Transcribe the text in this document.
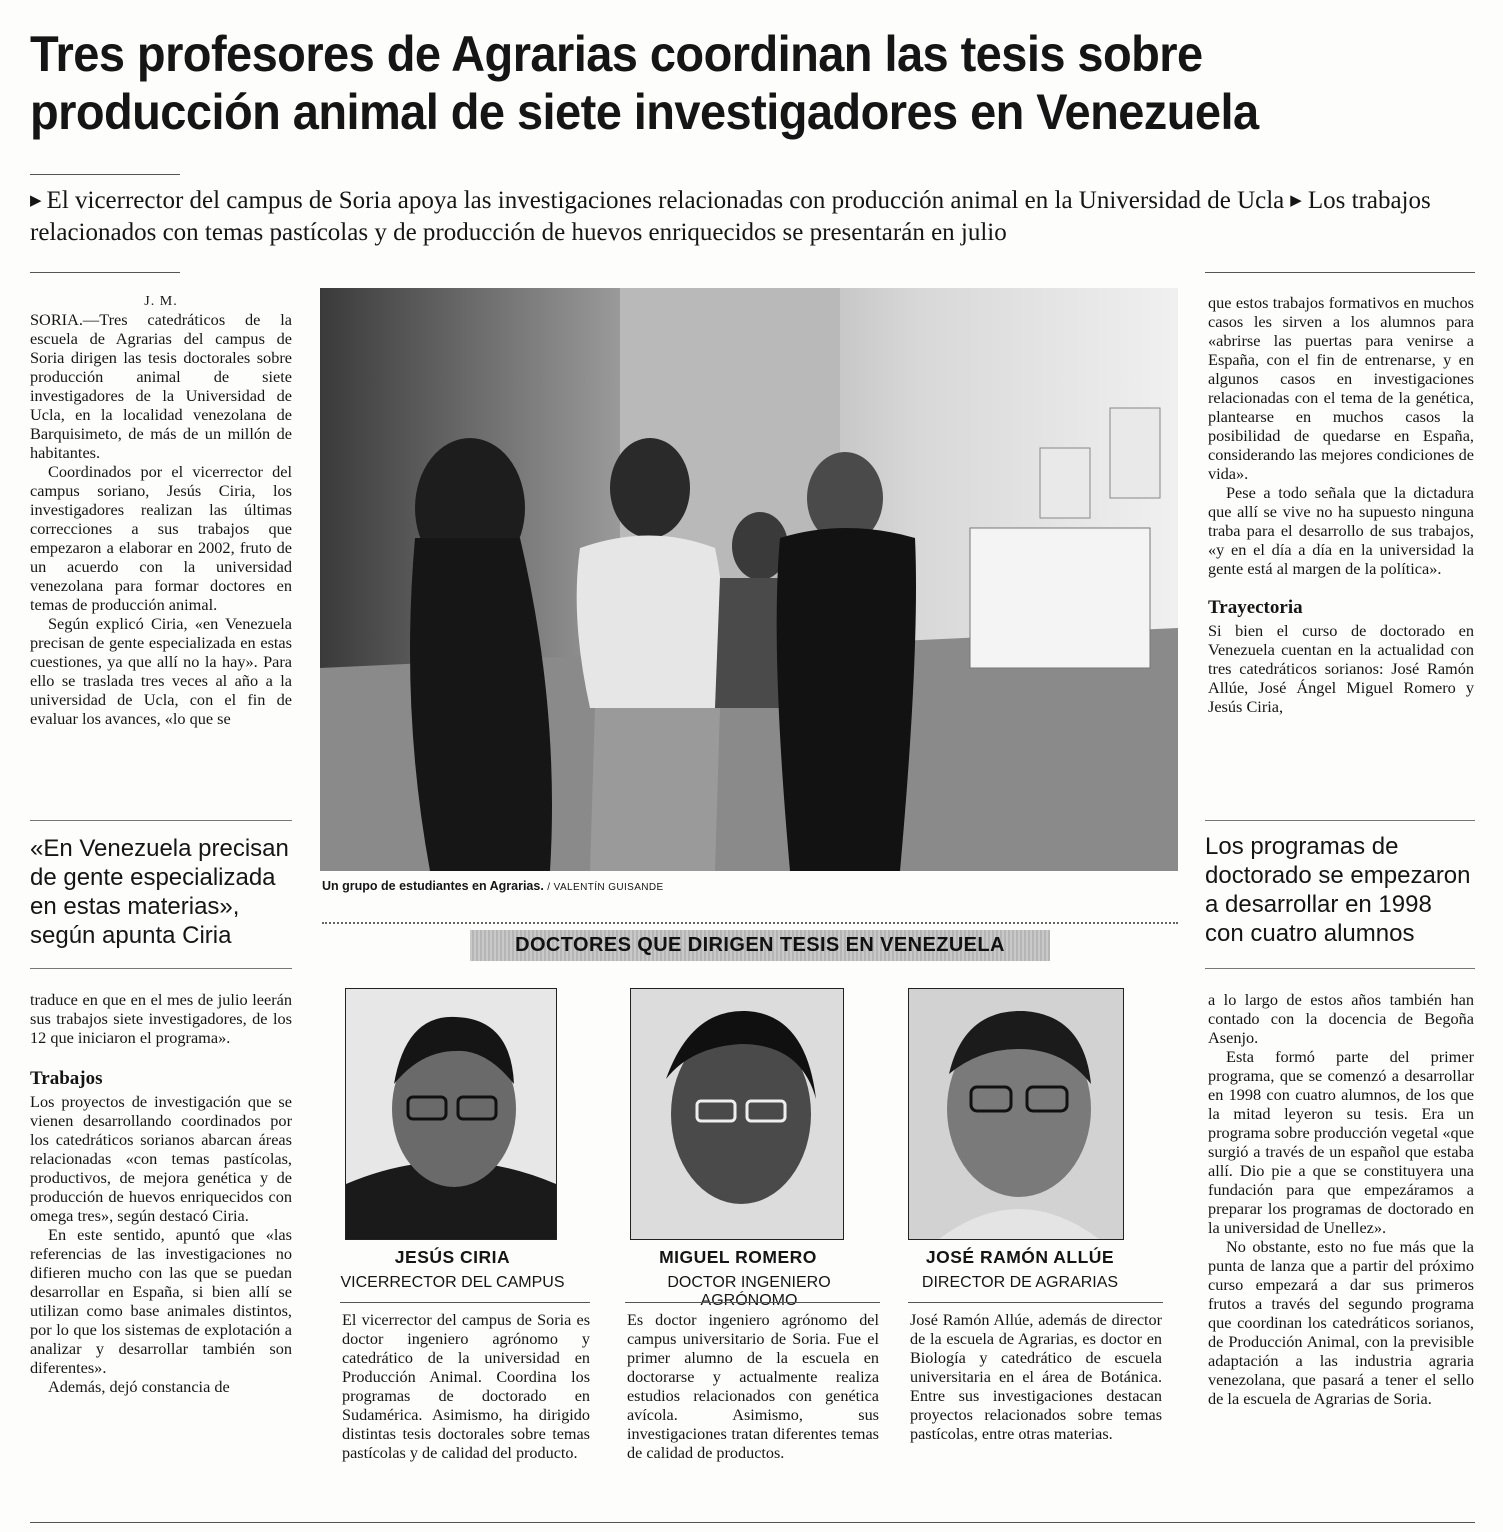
Tres profesores de Agrarias coordinan las tesis sobre producción animal de siete investigadores en Venezuela

▶ El vicerrector del campus de Soria apoya las investigaciones relacionadas con producción animal en la Universidad de Ucla ▶ Los trabajos relacionados con temas pastícolas y de producción de huevos enriquecidos se presentarán en julio

J. M.

SORIA.—Tres catedráticos de la escuela de Agrarias del campus de Soria dirigen las tesis doctorales sobre producción animal de siete investigadores de la Universidad de Ucla, en la localidad venezolana de Barquisimeto, de más de un millón de habitantes.

Coordinados por el vicerrector del campus soriano, Jesús Ciria, los investigadores realizan las últimas correcciones a sus trabajos que empezaron a elaborar en 2002, fruto de un acuerdo con la universidad venezolana para formar doctores en temas de producción animal.

Según explicó Ciria, «en Venezuela precisan de gente especializada en estas cuestiones, ya que allí no la hay». Para ello se traslada tres veces al año a la universidad de Ucla, con el fin de evaluar los avances, «lo que se

«En Venezuela precisan de gente especializada en estas materias», según apunta Ciria

traduce en que en el mes de julio leerán sus trabajos siete investigadores, de los 12 que iniciaron el programa».

Trabajos

Los proyectos de investigación que se vienen desarrollando coordinados por los catedráticos sorianos abarcan áreas relacionadas «con temas pastícolas, productivos, de mejora genética y de producción de huevos enriquecidos con omega tres», según destacó Ciria.

En este sentido, apuntó que «las referencias de las investigaciones no difieren mucho con las que se puedan desarrollar en España, si bien allí se utilizan como base animales distintos, por lo que los sistemas de explotación a analizar y desarrollar también son diferentes».

Además, dejó constancia de

Un grupo de estudiantes en Agrarias. / VALENTÍN GUISANDE
DOCTORES QUE DIRIGEN TESIS EN VENEZUELA
JESÚS CIRIA
VICERRECTOR DEL CAMPUS
MIGUEL ROMERO
DOCTOR INGENIERO AGRÓNOMO
JOSÉ RAMÓN ALLÚE
DIRECTOR DE AGRARIAS

El vicerrector del campus de Soria es doctor ingeniero agrónomo y catedrático de la universidad en Producción Animal. Coordina los programas de doctorado en Sudamérica. Asimismo, ha dirigido distintas tesis doctorales sobre temas pastícolas y de calidad del producto.

Es doctor ingeniero agrónomo del campus universitario de Soria. Fue el primer alumno de la escuela en doctorarse y actualmente realiza estudios relacionados con genética avícola. Asimismo, sus investigaciones tratan diferentes temas de calidad de productos.

José Ramón Allúe, además de director de la escuela de Agrarias, es doctor en Biología y catedrático de escuela universitaria en el área de Botánica. Entre sus investigaciones destacan proyectos relacionados sobre temas pastícolas, entre otras materias.

que estos trabajos formativos en muchos casos les sirven a los alumnos para «abrirse las puertas para venirse a España, con el fin de entrenarse, y en algunos casos en investigaciones relacionadas con el tema de la genética, plantearse en muchos casos la posibilidad de quedarse en España, considerando las mejores condiciones de vida».

Pese a todo señala que la dictadura que allí se vive no ha supuesto ninguna traba para el desarrollo de sus trabajos, «y en el día a día en la universidad la gente está al margen de la política».

Trayectoria

Si bien el curso de doctorado en Venezuela cuentan en la actualidad con tres catedráticos sorianos: José Ramón Allúe, José Ángel Miguel Romero y Jesús Ciria,

Los programas de doctorado se empezaron a desarrollar en 1998 con cuatro alumnos

a lo largo de estos años también han contado con la docencia de Begoña Asenjo.

Esta formó parte del primer programa, que se comenzó a desarrollar en 1998 con cuatro alumnos, de los que la mitad leyeron su tesis. Era un programa sobre producción vegetal «que surgió a través de un español que estaba allí. Dio pie a que se constituyera una fundación para que empezáramos a preparar los programas de doctorado en la universidad de Unellez».

No obstante, esto no fue más que la punta de lanza que a partir del próximo curso empezará a dar sus primeros frutos a través del segundo programa que coordinan los catedráticos sorianos, de Producción Animal, con la previsible adaptación a las industria agraria venezolana, que pasará a tener el sello de la escuela de Agrarias de Soria.
